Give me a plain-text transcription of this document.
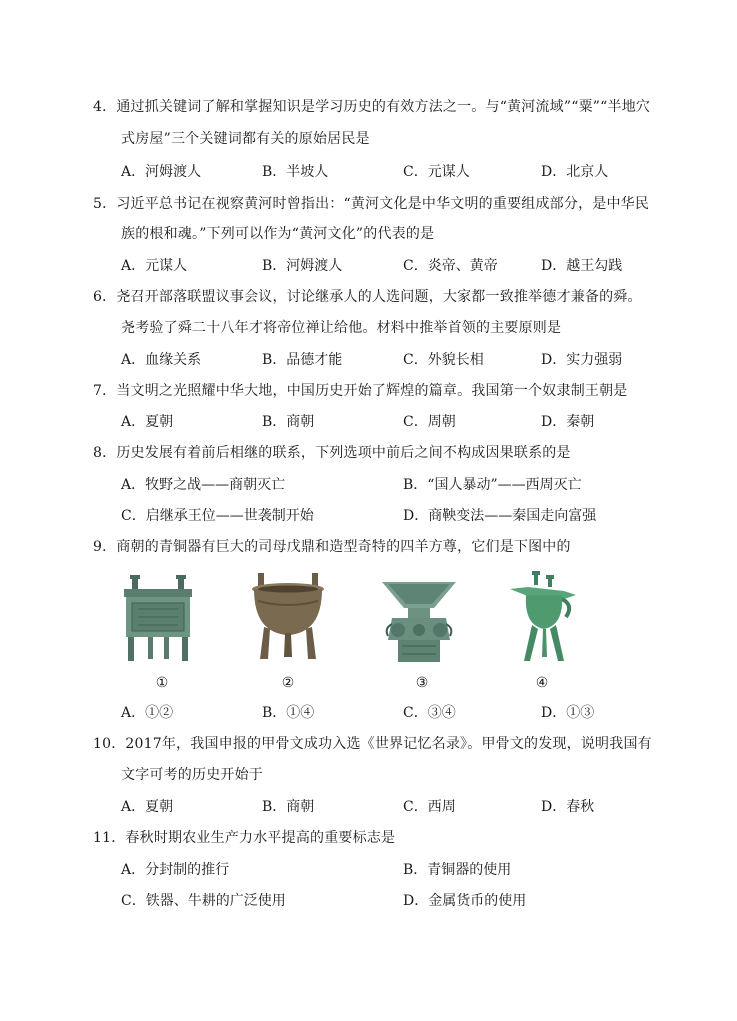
4．通过抓关键词了解和掌握知识是学习历史的有效方法之一。与“黄河流域”“粟”“半地穴
式房屋”三个关键词都有关的原始居民是
A．河姆渡人	B．半坡人	C．元谋人	D．北京人
5．习近平总书记在视察黄河时曾指出：“黄河文化是中华文明的重要组成部分，是中华民
族的根和魂。”下列可以作为“黄河文化”的代表的是
A．元谋人	B．河姆渡人	C．炎帝、黄帝	D．越王勾践
6．尧召开部落联盟议事会议，讨论继承人的人选问题，大家都一致推举德才兼备的舜。
尧考验了舜二十八年才将帝位禅让给他。材料中推举首领的主要原则是
A．血缘关系	B．品德才能	C．外貌长相	D．实力强弱
7．当文明之光照耀中华大地，中国历史开始了辉煌的篇章。我国第一个奴隶制王朝是
A．夏朝	B．商朝	C．周朝	D．秦朝
8．历史发展有着前后相继的联系，下列选项中前后之间不构成因果联系的是
A．牧野之战——商朝灭亡	B．“国人暴动”——西周灭亡
C．启继承王位——世袭制开始	D．商鞅变法——秦国走向富强
9．商朝的青铜器有巨大的司母戊鼎和造型奇特的四羊方尊，它们是下图中的
①	②	③	④
A．①②	B．①④	C．③④	D．①③
10．2017年，我国申报的甲骨文成功入选《世界记忆名录》。甲骨文的发现，说明我国有
文字可考的历史开始于
A．夏朝	B．商朝	C．西周	D．春秋
11．春秋时期农业生产力水平提高的重要标志是
A．分封制的推行	B．青铜器的使用
C．铁器、牛耕的广泛使用	D．金属货币的使用
